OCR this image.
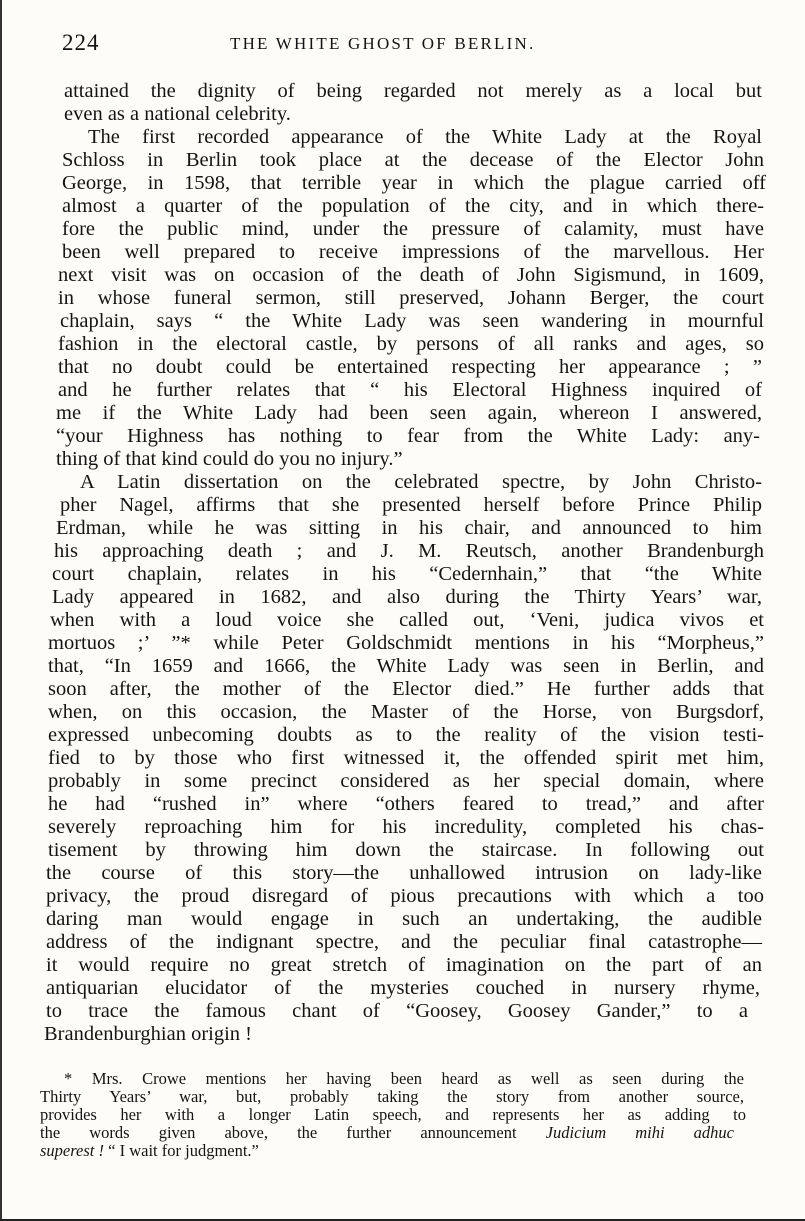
224	THE WHITE GHOST OF BERLIN.
attained the dignity of being regarded not merely as a local but
even as a national celebrity.
The first recorded appearance of the White Lady at the Royal
Schloss in Berlin took place at the decease of the Elector John
George, in 1598, that terrible year in which the plague carried off
almost a quarter of the population of the city, and in which there-
fore the public mind, under the pressure of calamity, must have
been well prepared to receive impressions of the marvellous. Her
next visit was on occasion of the death of John Sigismund, in 1609,
in whose funeral sermon, still preserved, Johann Berger, the court
chaplain, says “ the White Lady was seen wandering in mournful
fashion in the electoral castle, by persons of all ranks and ages, so
that no doubt could be entertained respecting her appearance ; ”
and he further relates that “ his Electoral Highness inquired of
me if the White Lady had been seen again, whereon I answered,
“your Highness has nothing to fear from the White Lady: any-
thing of that kind could do you no injury.”
A Latin dissertation on the celebrated spectre, by John Christo-
pher Nagel, affirms that she presented herself before Prince Philip
Erdman, while he was sitting in his chair, and announced to him
his approaching death ; and J. M. Reutsch, another Brandenburgh
court chaplain, relates in his “Cedernhain,” that “the White
Lady appeared in 1682, and also during the Thirty Years’ war,
when with a loud voice she called out, ‘Veni, judica vivos et
mortuos ;’ ”* while Peter Goldschmidt mentions in his “Morpheus,”
that, “In 1659 and 1666, the White Lady was seen in Berlin, and
soon after, the mother of the Elector died.” He further adds that
when, on this occasion, the Master of the Horse, von Burgsdorf,
expressed unbecoming doubts as to the reality of the vision testi-
fied to by those who first witnessed it, the offended spirit met him,
probably in some precinct considered as her special domain, where
he had “rushed in” where “others feared to tread,” and after
severely reproaching him for his incredulity, completed his chas-
tisement by throwing him down the staircase. In following out
the course of this story—the unhallowed intrusion on lady-like
privacy, the proud disregard of pious precautions with which a too
daring man would engage in such an undertaking, the audible
address of the indignant spectre, and the peculiar final catastrophe—
it would require no great stretch of imagination on the part of an
antiquarian elucidator of the mysteries couched in nursery rhyme,
to trace the famous chant of “Goosey, Goosey Gander,” to a
Brandenburghian origin !
* Mrs. Crowe mentions her having been heard as well as seen during the
Thirty Years’ war, but, probably taking the story from another source,
provides her with a longer Latin speech, and represents her as adding to
the words given above, the further announcement Judicium mihi adhuc
superest ! “ I wait for judgment.”
